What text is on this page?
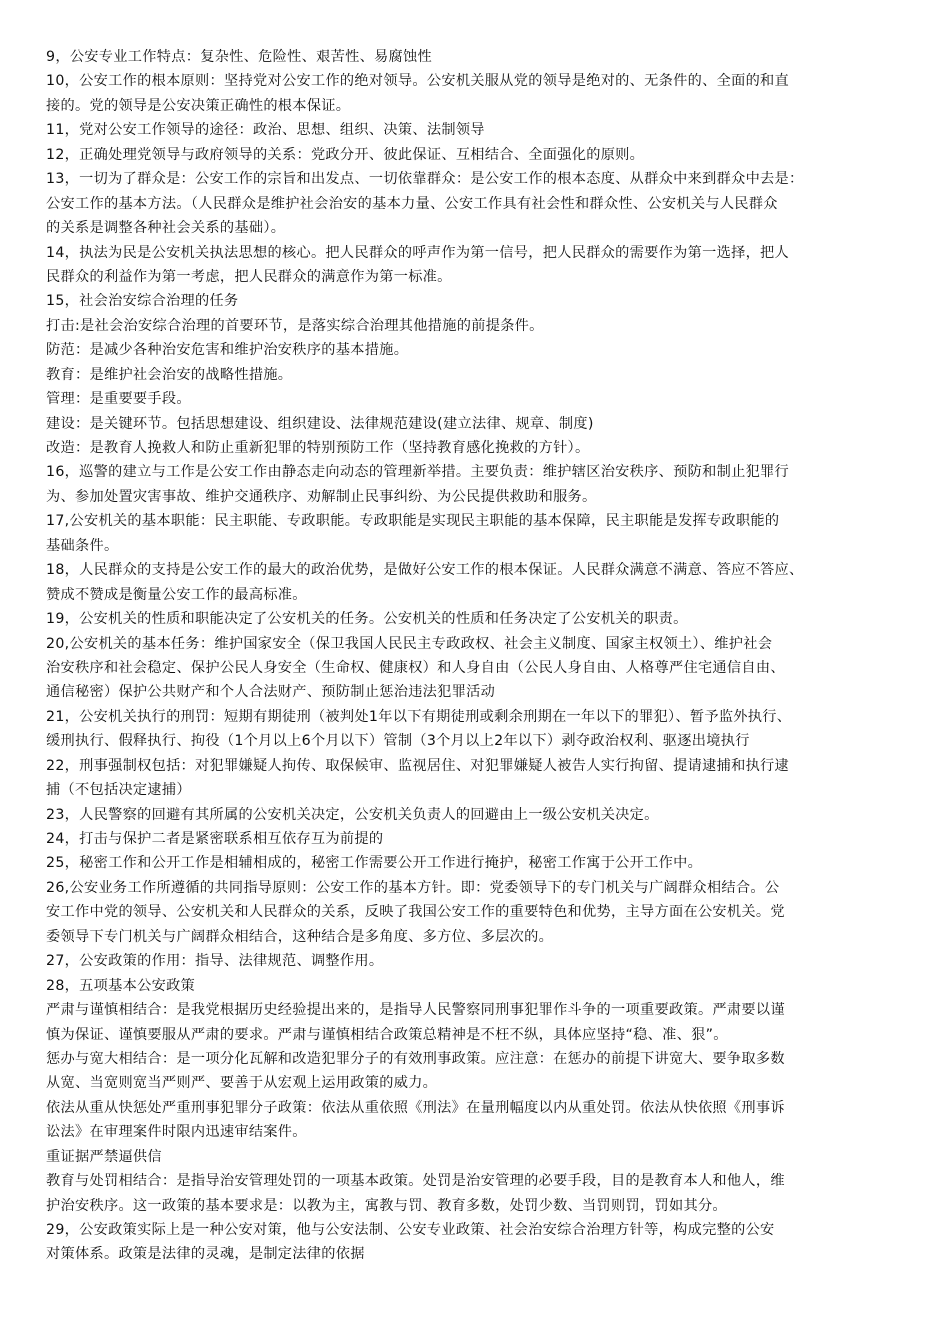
9，公安专业工作特点：复杂性、危险性、艰苦性、易腐蚀性
10，公安工作的根本原则：坚持党对公安工作的绝对领导。公安机关服从党的领导是绝对的、无条件的、全面的和直
接的。党的领导是公安决策正确性的根本保证。
11，党对公安工作领导的途径：政治、思想、组织、决策、法制领导
12，正确处理党领导与政府领导的关系：党政分开、彼此保证、互相结合、全面强化的原则。
13，一切为了群众是：公安工作的宗旨和出发点、一切依靠群众：是公安工作的根本态度、从群众中来到群众中去是：
公安工作的基本方法。（人民群众是维护社会治安的基本力量、公安工作具有社会性和群众性、公安机关与人民群众
的关系是调整各种社会关系的基础）。
14，执法为民是公安机关执法思想的核心。把人民群众的呼声作为第一信号，把人民群众的需要作为第一选择，把人
民群众的利益作为第一考虑，把人民群众的满意作为第一标准。
15，社会治安综合治理的任务
打击:是社会治安综合治理的首要环节，是落实综合治理其他措施的前提条件。
防范：是减少各种治安危害和维护治安秩序的基本措施。
教育：是维护社会治安的战略性措施。
管理：是重要要手段。
建设：是关键环节。包括思想建设、组织建设、法律规范建设(建立法律、规章、制度)
改造：是教育人挽救人和防止重新犯罪的特别预防工作（坚持教育感化挽救的方针）。
16，巡警的建立与工作是公安工作由静态走向动态的管理新举措。主要负责：维护辖区治安秩序、预防和制止犯罪行
为、参加处置灾害事故、维护交通秩序、劝解制止民事纠纷、为公民提供救助和服务。
17,公安机关的基本职能：民主职能、专政职能。专政职能是实现民主职能的基本保障，民主职能是发挥专政职能的
基础条件。
18，人民群众的支持是公安工作的最大的政治优势，是做好公安工作的根本保证。人民群众满意不满意、答应不答应、
赞成不赞成是衡量公安工作的最高标准。
19，公安机关的性质和职能决定了公安机关的任务。公安机关的性质和任务决定了公安机关的职责。
20,公安机关的基本任务：维护国家安全（保卫我国人民民主专政政权、社会主义制度、国家主权领土）、维护社会
治安秩序和社会稳定、保护公民人身安全（生命权、健康权）和人身自由（公民人身自由、人格尊严住宅通信自由、
通信秘密）保护公共财产和个人合法财产、预防制止惩治违法犯罪活动
21，公安机关执行的刑罚：短期有期徒刑（被判处1年以下有期徒刑或剩余刑期在一年以下的罪犯）、暂予监外执行、
缓刑执行、假释执行、拘役（1个月以上6个月以下）管制（3个月以上2年以下）剥夺政治权利、驱逐出境执行
22，刑事强制权包括：对犯罪嫌疑人拘传、取保候审、监视居住、对犯罪嫌疑人被告人实行拘留、提请逮捕和执行逮
捕（不包括决定逮捕）
23，人民警察的回避有其所属的公安机关决定，公安机关负责人的回避由上一级公安机关决定。
24，打击与保护二者是紧密联系相互依存互为前提的
25，秘密工作和公开工作是相辅相成的，秘密工作需要公开工作进行掩护，秘密工作寓于公开工作中。
26,公安业务工作所遵循的共同指导原则：公安工作的基本方针。即：党委领导下的专门机关与广阔群众相结合。公
安工作中党的领导、公安机关和人民群众的关系，反映了我国公安工作的重要特色和优势，主导方面在公安机关。党
委领导下专门机关与广阔群众相结合，这种结合是多角度、多方位、多层次的。
27，公安政策的作用：指导、法律规范、调整作用。
28，五项基本公安政策
严肃与谨慎相结合：是我党根据历史经验提出来的，是指导人民警察同刑事犯罪作斗争的一项重要政策。严肃要以谨
慎为保证、谨慎要服从严肃的要求。严肃与谨慎相结合政策总精神是不枉不纵，具体应坚持“稳、准、狠”。
惩办与宽大相结合：是一项分化瓦解和改造犯罪分子的有效刑事政策。应注意：在惩办的前提下讲宽大、要争取多数
从宽、当宽则宽当严则严、要善于从宏观上运用政策的威力。
依法从重从快惩处严重刑事犯罪分子政策：依法从重依照《刑法》在量刑幅度以内从重处罚。依法从快依照《刑事诉
讼法》在审理案件时限内迅速审结案件。
重证据严禁逼供信
教育与处罚相结合：是指导治安管理处罚的一项基本政策。处罚是治安管理的必要手段，目的是教育本人和他人，维
护治安秩序。这一政策的基本要求是：以教为主，寓教与罚、教育多数，处罚少数、当罚则罚，罚如其分。
29，公安政策实际上是一种公安对策，他与公安法制、公安专业政策、社会治安综合治理方针等，构成完整的公安
对策体系。政策是法律的灵魂，是制定法律的依据
